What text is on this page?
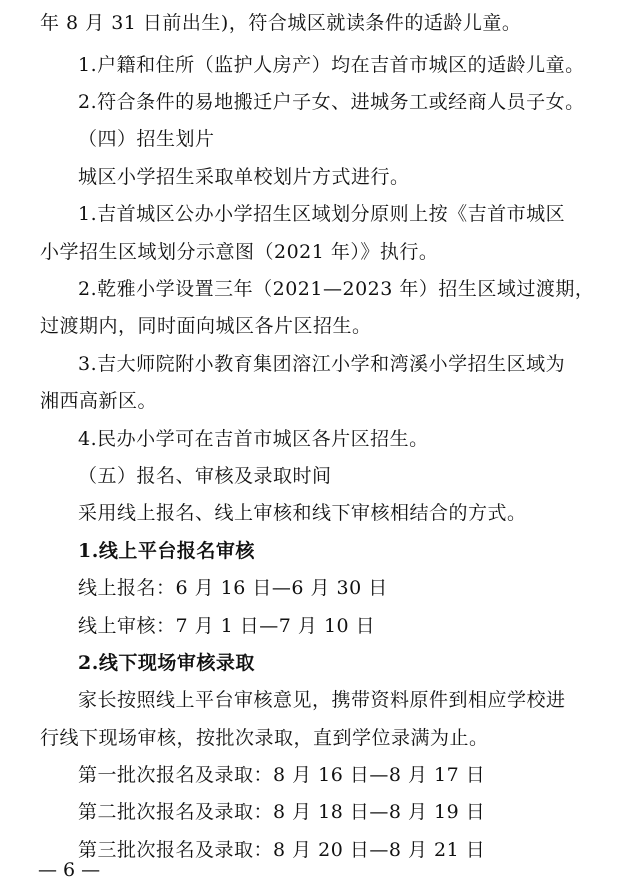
年 8 月 31 日前出生)，符合城区就读条件的适龄儿童。
1.户籍和住所（监护人房产）均在吉首市城区的适龄儿童。
2.符合条件的易地搬迁户子女、进城务工或经商人员子女。
（四）招生划片
城区小学招生采取单校划片方式进行。
1.吉首城区公办小学招生区域划分原则上按《吉首市城区
小学招生区域划分示意图（2021 年）》执行。
2.乾雅小学设置三年（2021—2023 年）招生区域过渡期，
过渡期内，同时面向城区各片区招生。
3.吉大师院附小教育集团溶江小学和湾溪小学招生区域为
湘西高新区。
4.民办小学可在吉首市城区各片区招生。
（五）报名、审核及录取时间
采用线上报名、线上审核和线下审核相结合的方式。
1.线上平台报名审核
线上报名：6 月 16 日—6 月 30 日
线上审核：7 月 1 日—7 月 10 日
2.线下现场审核录取
家长按照线上平台审核意见，携带资料原件到相应学校进
行线下现场审核，按批次录取，直到学位录满为止。
第一批次报名及录取：8 月 16 日—8 月 17 日
第二批次报名及录取：8 月 18 日—8 月 19 日
第三批次报名及录取：8 月 20 日—8 月 21 日
— 6 —
